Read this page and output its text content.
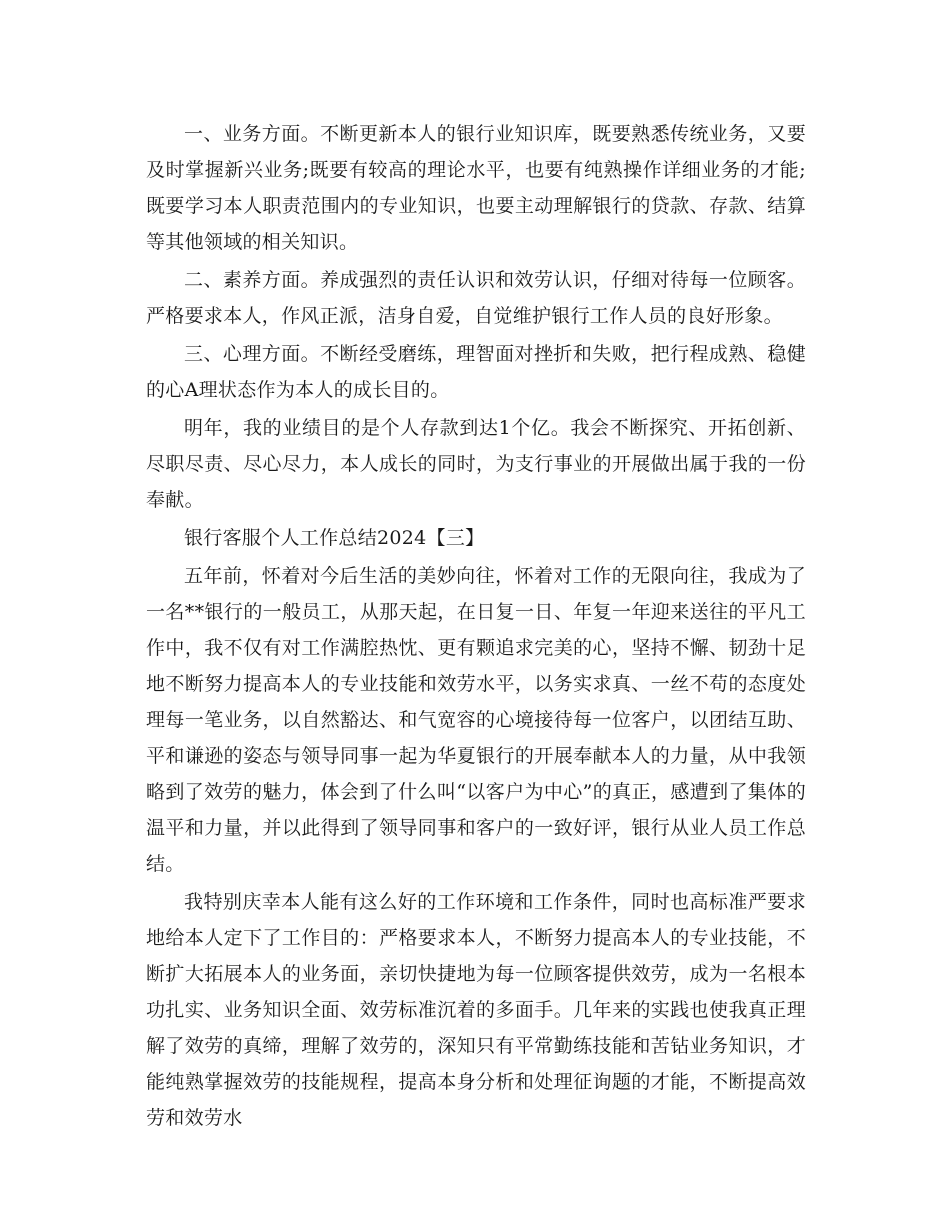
一、业务方面。不断更新本人的银行业知识库，既要熟悉传统业务，又要及时掌握新兴业务;既要有较高的理论水平，也要有纯熟操作详细业务的才能;既要学习本人职责范围内的专业知识，也要主动理解银行的贷款、存款、结算等其他领域的相关知识。

二、素养方面。养成强烈的责任认识和效劳认识，仔细对待每一位顾客。严格要求本人，作风正派，洁身自爱，自觉维护银行工作人员的良好形象。

三、心理方面。不断经受磨练，理智面对挫折和失败，把行程成熟、稳健的心A理状态作为本人的成长目的。

明年，我的业绩目的是个人存款到达1个亿。我会不断探究、开拓创新、尽职尽责、尽心尽力，本人成长的同时，为支行事业的开展做出属于我的一份奉献。

银行客服个人工作总结2024【三】

五年前，怀着对今后生活的美妙向往，怀着对工作的无限向往，我成为了一名**银行的一般员工，从那天起，在日复一日、年复一年迎来送往的平凡工作中，我不仅有对工作满腔热忱、更有颗追求完美的心，坚持不懈、韧劲十足地不断努力提高本人的专业技能和效劳水平，以务实求真、一丝不苟的态度处理每一笔业务，以自然豁达、和气宽容的心境接待每一位客户，以团结互助、平和谦逊的姿态与领导同事一起为华夏银行的开展奉献本人的力量，从中我领略到了效劳的魅力，体会到了什么叫“以客户为中心”的真正，感遭到了集体的温平和力量，并以此得到了领导同事和客户的一致好评，银行从业人员工作总结。

我特别庆幸本人能有这么好的工作环境和工作条件，同时也高标准严要求地给本人定下了工作目的：严格要求本人，不断努力提高本人的专业技能，不断扩大拓展本人的业务面，亲切快捷地为每一位顾客提供效劳，成为一名根本功扎实、业务知识全面、效劳标准沉着的多面手。几年来的实践也使我真正理解了效劳的真缔，理解了效劳的，深知只有平常勤练技能和苦钻业务知识，才能纯熟掌握效劳的技能规程，提高本身分析和处理征询题的才能，不断提高效劳和效劳水
